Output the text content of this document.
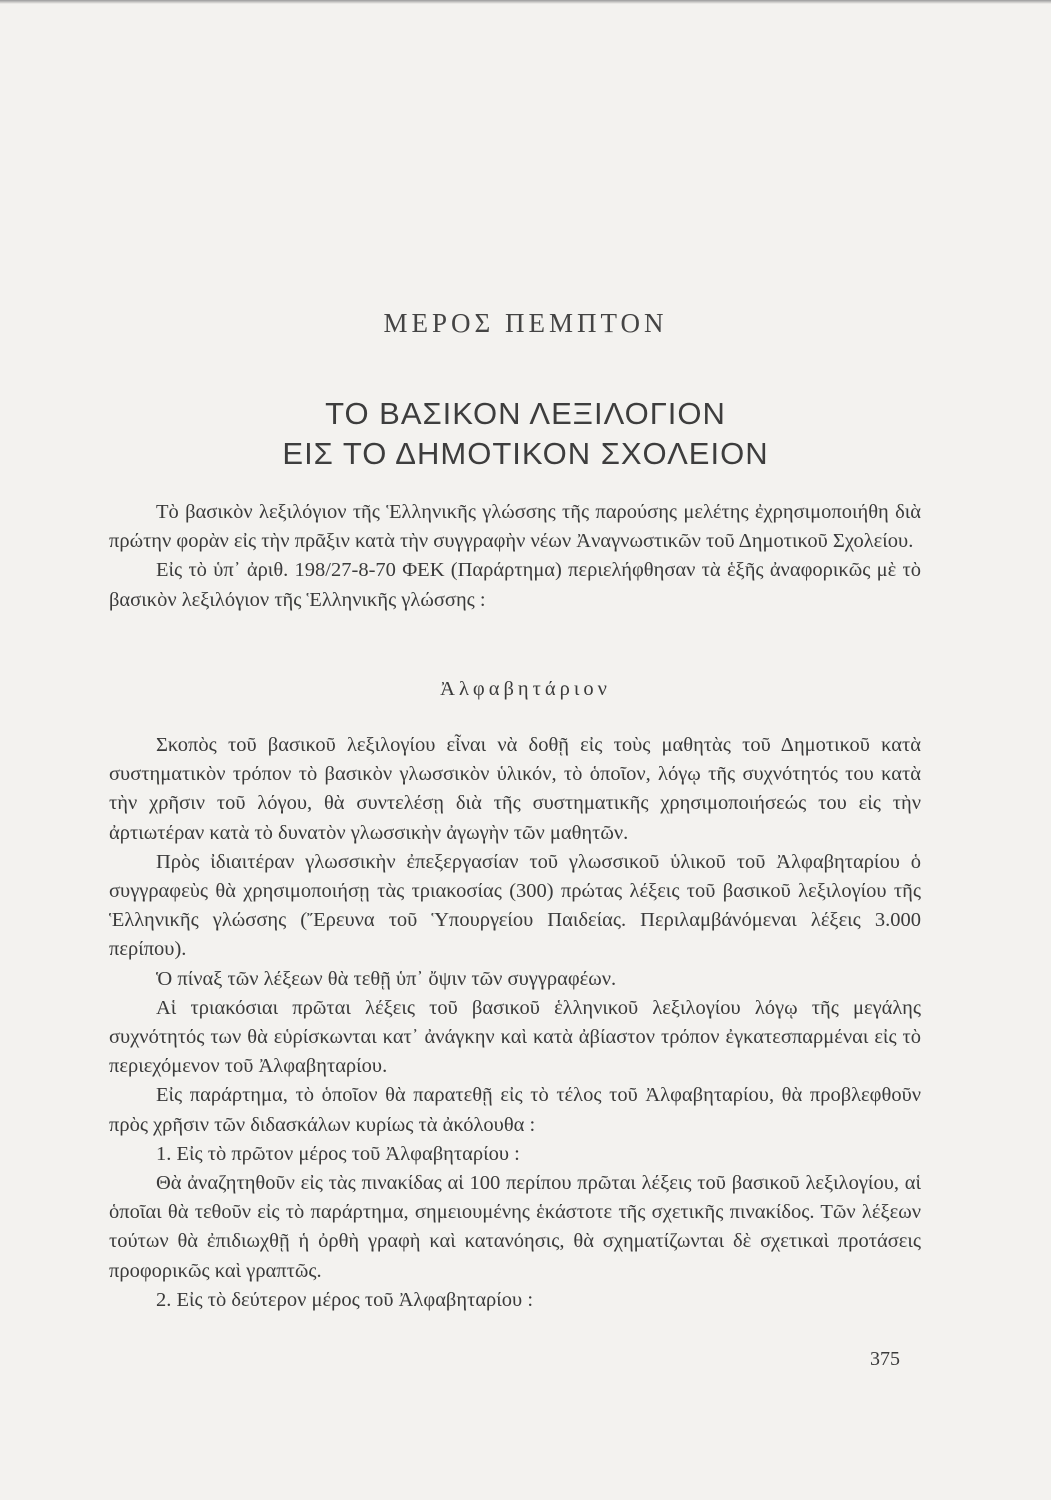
ΜΕΡΟΣ ΠΕΜΠΤΟΝ
ΤΟ ΒΑΣΙΚΟΝ ΛΕΞΙΛΟΓΙΟΝ
ΕΙΣ ΤΟ ΔΗΜΟΤΙΚΟΝ ΣΧΟΛΕΙΟΝ

Τὸ βασικὸν λεξιλόγιον τῆς Ἑλληνικῆς γλώσσης τῆς παρούσης μελέτης ἐχρησιμοποιήθη διὰ πρώτην φορὰν εἰς τὴν πρᾶξιν κατὰ τὴν συγγραφὴν νέων Ἀναγνωστικῶν τοῦ Δημοτικοῦ Σχολείου.

Εἰς τὸ ὑπ᾿ ἀριθ. 198/27-8-70 ΦΕΚ (Παράρτημα) περιελήφθησαν τὰ ἑξῆς ἀναφορικῶς μὲ τὸ βασικὸν λεξιλόγιον τῆς Ἑλληνικῆς γλώσσης :

Ἀλφαβητάριον

Σκοπὸς τοῦ βασικοῦ λεξιλογίου εἶναι νὰ δοθῇ εἰς τοὺς μαθητὰς τοῦ Δημοτικοῦ κατὰ συστηματικὸν τρόπον τὸ βασικὸν γλωσσικὸν ὑλικόν, τὸ ὁποῖον, λόγῳ τῆς συχνότητός του κατὰ τὴν χρῆσιν τοῦ λόγου, θὰ συντελέσῃ διὰ τῆς συστηματικῆς χρησιμοποιήσεώς του εἰς τὴν ἀρτιωτέραν κατὰ τὸ δυνατὸν γλωσσικὴν ἀγωγὴν τῶν μαθητῶν.

Πρὸς ἰδιαιτέραν γλωσσικὴν ἐπεξεργασίαν τοῦ γλωσσικοῦ ὑλικοῦ τοῦ Ἀλφαβηταρίου ὁ συγγραφεὺς θὰ χρησιμοποιήσῃ τὰς τριακοσίας (300) πρώτας λέξεις τοῦ βασικοῦ λεξιλογίου τῆς Ἑλληνικῆς γλώσσης (Ἔρευνα τοῦ Ὑπουργείου Παιδείας. Περιλαμβάνόμεναι λέξεις 3.000 περίπου).

Ὁ πίναξ τῶν λέξεων θὰ τεθῇ ὑπ᾿ ὄψιν τῶν συγγραφέων.

Αἱ τριακόσιαι πρῶται λέξεις τοῦ βασικοῦ ἑλληνικοῦ λεξιλογίου λόγῳ τῆς μεγάλης συχνότητός των θὰ εὑρίσκωνται κατ᾿ ἀνάγκην καὶ κατὰ ἀβίαστον τρόπον ἐγκατεσπαρμέναι εἰς τὸ περιεχόμενον τοῦ Ἀλφαβηταρίου.

Εἰς παράρτημα, τὸ ὁποῖον θὰ παρατεθῇ εἰς τὸ τέλος τοῦ Ἀλφαβηταρίου, θὰ προβλεφθοῦν πρὸς χρῆσιν τῶν διδασκάλων κυρίως τὰ ἀκόλουθα :

1. Εἰς τὸ πρῶτον μέρος τοῦ Ἀλφαβηταρίου :

Θὰ ἀναζητηθοῦν εἰς τὰς πινακίδας αἱ 100 περίπου πρῶται λέξεις τοῦ βασικοῦ λεξιλογίου, αἱ ὁποῖαι θὰ τεθοῦν εἰς τὸ παράρτημα, σημειουμένης ἑκάστοτε τῆς σχετικῆς πινακίδος. Τῶν λέξεων τούτων θὰ ἐπιδιωχθῇ ἡ ὀρθὴ γραφὴ καὶ κατανόησις, θὰ σχηματίζωνται δὲ σχετικαὶ προτάσεις προφορικῶς καὶ γραπτῶς.

2. Εἰς τὸ δεύτερον μέρος τοῦ Ἀλφαβηταρίου :

375
